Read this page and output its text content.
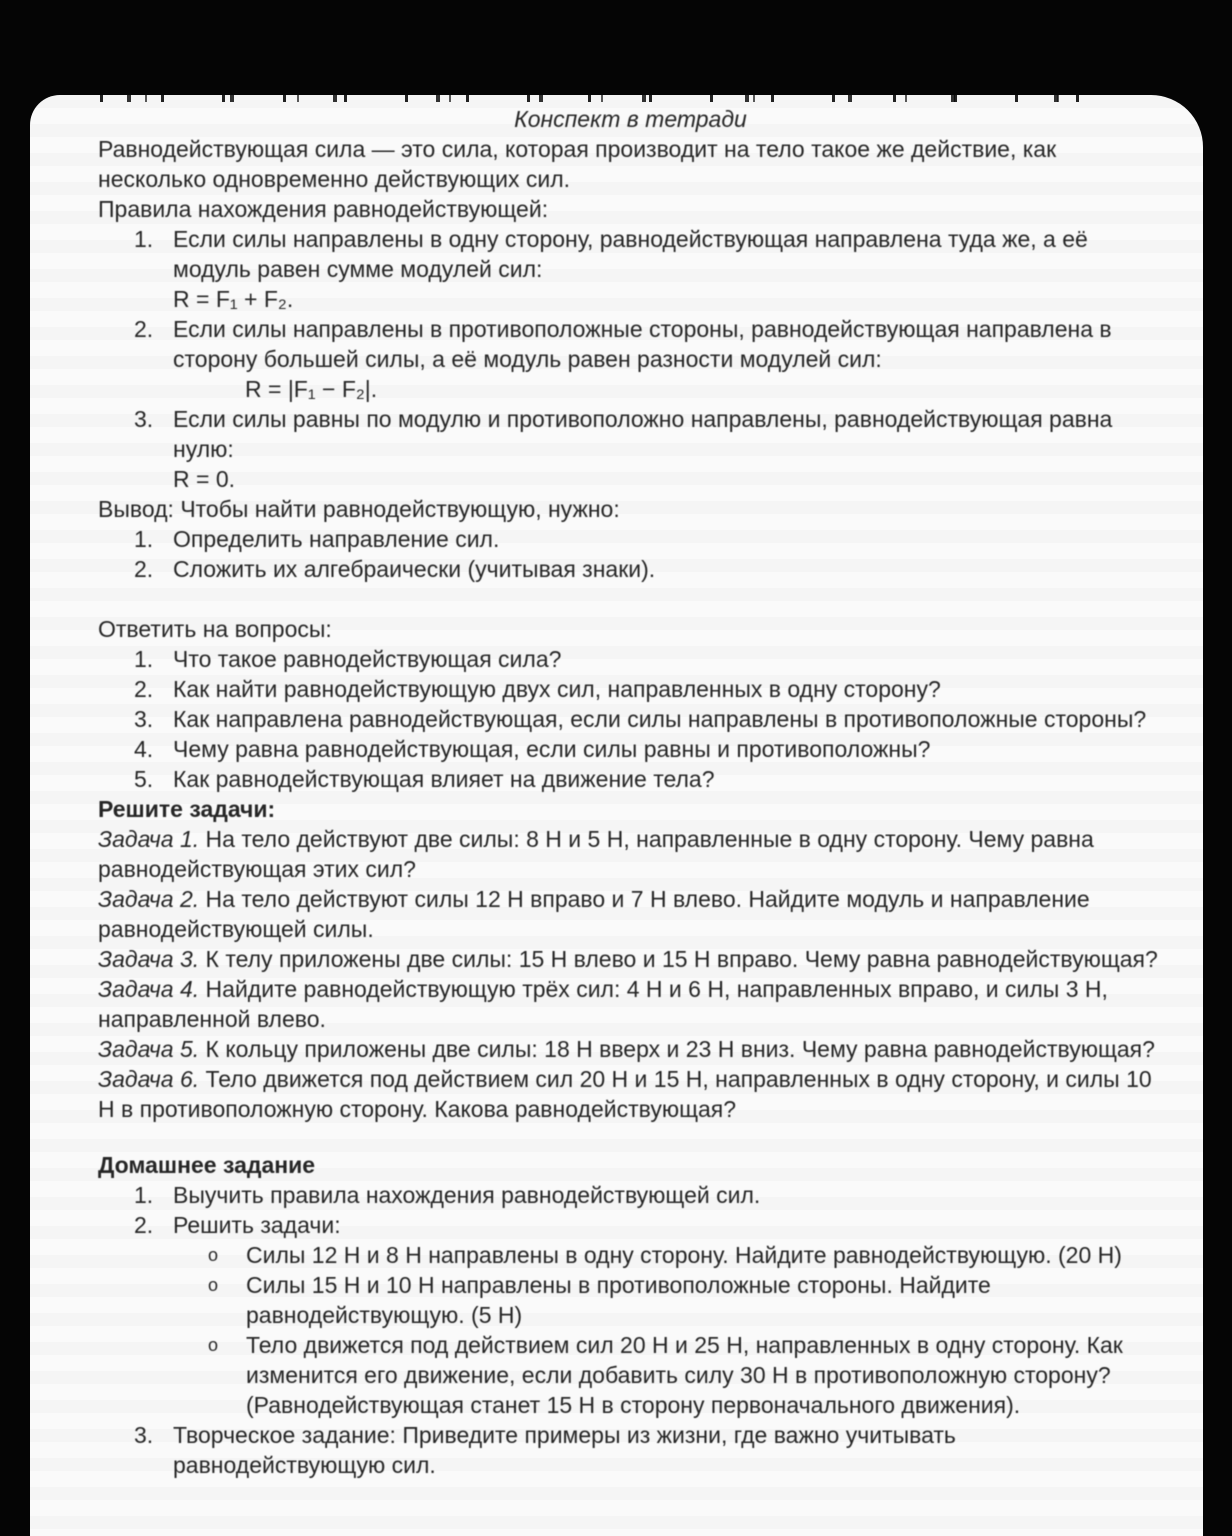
Конспект в тетради

Равнодействующая сила — это сила, которая производит на тело такое же действие, как несколько одновременно действующих сил.

Правила нахождения равнодействующей:

1. Если силы направлены в одну сторону, равнодействующая направлена туда же, а её модуль равен сумме модулей сил:
R = F₁ + F₂.
2. Если силы направлены в противоположные стороны, равнодействующая направлена в сторону большей силы, а её модуль равен разности модулей сил:
R = |F₁ − F₂|.
3. Если силы равны по модулю и противоположно направлены, равнодействующая равна нулю:
R = 0.

Вывод: Чтобы найти равнодействующую, нужно:

1. Определить направление сил.
2. Сложить их алгебраически (учитывая знаки).

Ответить на вопросы:

1. Что такое равнодействующая сила?
2. Как найти равнодействующую двух сил, направленных в одну сторону?
3. Как направлена равнодействующая, если силы направлены в противоположные стороны?
4. Чему равна равнодействующая, если силы равны и противоположны?
5. Как равнодействующая влияет на движение тела?

Решите задачи:

Задача 1. На тело действуют две силы: 8 Н и 5 Н, направленные в одну сторону. Чему равна равнодействующая этих сил?

Задача 2. На тело действуют силы 12 Н вправо и 7 Н влево. Найдите модуль и направление равнодействующей силы.

Задача 3. К телу приложены две силы: 15 Н влево и 15 Н вправо. Чему равна равнодействующая?

Задача 4. Найдите равнодействующую трёх сил: 4 Н и 6 Н, направленных вправо, и силы 3 Н, направленной влево.

Задача 5. К кольцу приложены две силы: 18 Н вверх и 23 Н вниз. Чему равна равнодействующая?

Задача 6. Тело движется под действием сил 20 Н и 15 Н, направленных в одну сторону, и силы 10 Н в противоположную сторону. Какова равнодействующая?

Домашнее задание

1. Выучить правила нахождения равнодействующей сил.
2. Решить задачи:
o	Силы 12 Н и 8 Н направлены в одну сторону. Найдите равнодействующую. (20 Н)
o	Силы 15 Н и 10 Н направлены в противоположные стороны. Найдите равнодействующую. (5 Н)
o	Тело движется под действием сил 20 Н и 25 Н, направленных в одну сторону. Как изменится его движение, если добавить силу 30 Н в противоположную сторону? (Равнодействующая станет 15 Н в сторону первоначального движения).
3. Творческое задание: Приведите примеры из жизни, где важно учитывать равнодействующую сил.
